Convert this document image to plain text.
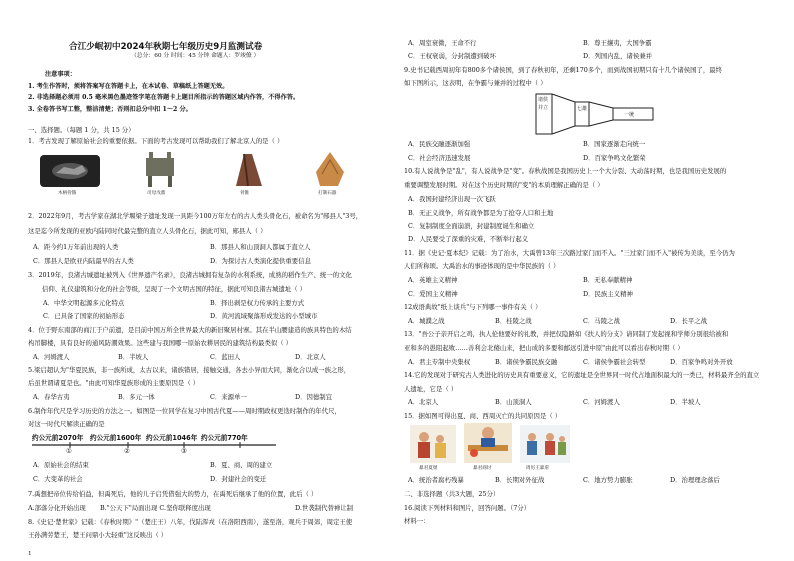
合江少岷初中2024年秋期七年级历史9月监测试卷
（总分：60 分 时间：45 分钟 命题人：罗竣僚 ）
注意事项：
1. 考生作答时，须将答案写在答题卡上，在本试卷、草稿纸上答题无效。
2. 非选择题必须用 0.5 毫米黑色墨迹签字笔在答题卡上题目所指示的答题区域内作答，不得作答。
3. 全卷答书写工整，整洁清楚；否则扣总分中扣 1～2 分。
一、选择题。（每题 1 分，共 15 分）
1．考古发现了解原始社会的重要依据。下面的考古发现可以帮助我们了解北京人的是（ ）
木柄骨镞	司母戊鼎	骨锥	打制石器
2．2022年9月，考古学家在湖北学堰梁子遗址发现一具距今100万年左右的古人类头骨化石，被命名为"郧县人"3号，
这是迄今所发现的亚欧内陆同时代最完整的直立人头骨化石，据此可知，郧县人（ ）
A．距今约1万年前出现的人类	B．那县人和山顶洞人都属于直立人
C．那县人是欧亚内陆最早的古人类	D．为探讨古人类演化提供重要信息
3．2019年，良渚古城遗址被列入《世界遗产名录》，良渚古城拥有复杂的水利系统，成熟的稻作生产、统一的文化
信仰、礼仪建筑和分化的社会等级，呈现了一个文明古国的特征，据此可知良渚古城遗址（ ）
A．中华文明起源多元化特点	B．择出剥是权力传承的主要方式
C．已具备了国家的初始形态	D．黄河流域聚落形成发达的小型城市
4．位于野东南部的商江于户前遗，是目前中国万所全世界最大的新旧聚居村寨。其在半山腰建造的族具特色的木结
构吊脚楼，具有良好的通风防潮效果。这些建与我国哪一原始农耕居民的建筑结构最类似（ ）
A．河姆渡人	B．半坡人	C．蓝田人	D．北京人
5.梁启超认为"华夏民族，非一族所成，太古以来，诸族错居，接触交通，各去小异而大同，渐化合以成一族之形，
后虽世谓诸夏是也。"由此可知华夏族形成的主要原因是（ ）
A．春华古夷	B．多元一体	C．来源单一	D．因德制宜
6.制作年代尺是学习历史的方法之一。如图是一位同学在复习中国古代夏——周时期政权更迭时制作的年代尺，
对这一时代尺解读正确的是
约公元前2070年 约公元前1600年 约公元前1046年 约公元前770年
①	②	③
A．原始社会的结束	B．夏、商、周的建立
C．大变革的社会	D．封建社会的变迁
7.禹想把帝位传给伯益，但禹死后，他的儿子启凭借强大的势力，在禹死后继承了他的位置，此后（ ）
A.部落分化开始出现 B."公天下"局面出现 C.坚你联释度出现	D.世袭制代替禅让制
8.《史记·楚世家》记载：《春秋时期》"（楚庄王）八年，伐陆浑戎（在洛阳西南），遂至洛，观兵于周郊，周定王使
王孙满劳楚王，楚王问鼎小大轻重"这反映出（ ）
1
A．周室衰微，王命不行	B．尊王攘夷，大国争霸
C．王权衰弱，分封制遭到破坏	D．列国内乱，诸侯兼并
9.史书记载西周初年有800多个诸侯国，到了春秋初年，还剩170多个，而到战国初期只有十几个诸侯国了，最终
如下图所示，这表明，在争霸与兼并的过程中（ ）
诸侯并立	七雄
一统
A．民族交融逐渐加强	B．国家逐渐走向统一
C．社会经济迅速发展	D．百家争鸣文化繁荣
10.有人说战争是"乱"，有人说战争是"变"。春秋战国是我国历史上一个大分裂、大动荡时期，也是我国历史发展的
重要调整发展时期。对在这个历史时期的"变"的本质理解正确的是（ ）
A．我国封建经济出现一次飞跃
B．无正义战争，所有战争都是为了抢夺人口和土地
C．复制制度全面崩溃，封建制度诞生和确立
D．人民要受了深重的灾难，不断举行起义
11．据《史记·夏本纪》记载：为了治水，大禹曾13年三次路过家门而不入。"三过家门而不入"被传为美谈，至今仍为
人们所称颂。大禹治水的事迹体现的是中华民族的（ ）
A．英雄主义精神	B．无私奉献精神
C．爱国主义精神	D．民族主义精神
12成语典故"纸上谈兵"与下列哪一事件有关（ ）
A．城濮之战	B．桂陵之战	C．马陵之战	D．长平之战
13．"吾公子亲开启之鸡，执人伦他要好的礼教，并把仅隐路如《扶人的分支》请同制了发起视和学师分别很给被和
亚和多的愚阻起败……善利会北傻山来，把山成的多要和邮远引进中原"由此可以看出春秋时期（ ）
A．君主专制中央集权	B．诸侯争霸民族交融	C．诸侯争霸社会转型	D．百家争鸣对外开放
14.它的发现对于研究古人类进化的历史具有重要意义，它的遗址是全世界同一时代占地面积最大的一类已，材料最齐全的直立
人遗址，它是（ ）
A．北京人	B．山顶洞人	C．河姆渡人	D．半坡人
15．据如图可得出夏、商、西周灭亡的共同原因是（ ）
暴君夏桀	暴君商纣	周厉王暴虐
A．统治者腐朽残暴	B．长期对外征战	C．地方势力膨胀	D．治理理念落后
二、非选择题（共3大题，25分）
16.阅读下列材料和图片，回答问题。（7分）
材料一：
